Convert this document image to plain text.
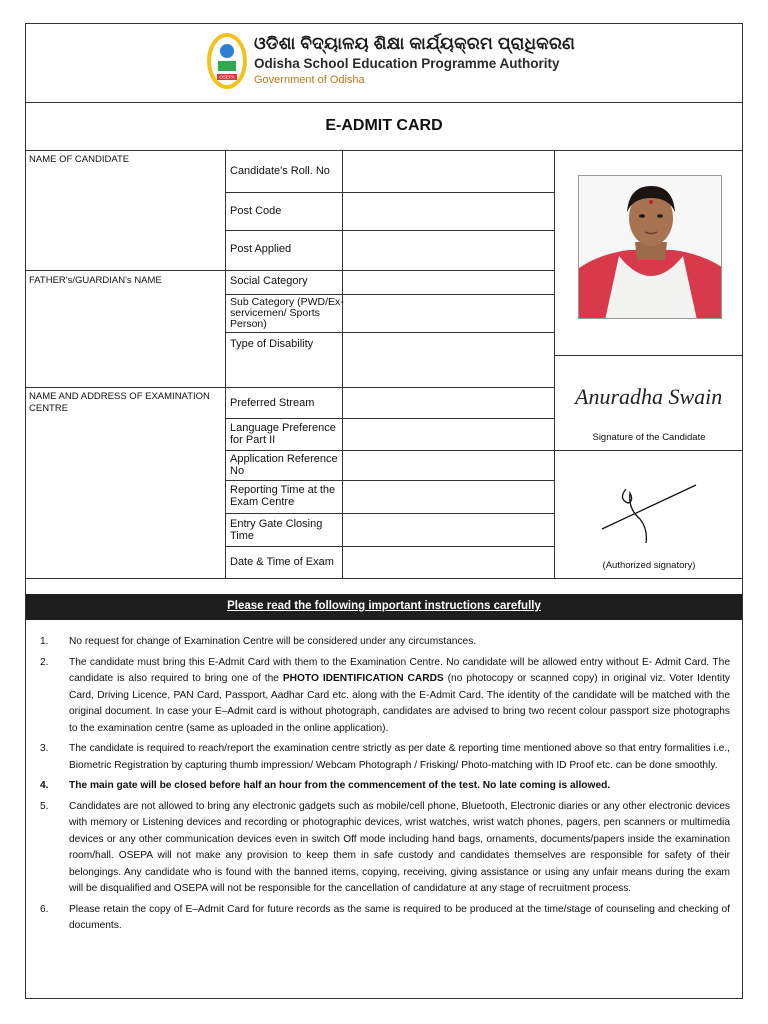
OSEPA
ଓଡିଶା ବିଦ୍ୟାଳୟ ଶିକ୍ଷା କାର୍ଯ୍ୟକ୍ରମ ପ୍ରାଧିକରଣ
Odisha School Education Programme Authority
Government of Odisha
E-ADMIT CARD
NAME OF CANDIDATE
FATHER's/GUARDIAN's NAME
NAME AND ADDRESS OF EXAMINATION CENTRE
Candidate's Roll. No
Post Code
Post Applied
Social Category
Sub Category (PWD/Ex-servicemen/ Sports Person)
Type of Disability
Preferred Stream
Language Preference for Part II
Application Reference No
Reporting Time at the Exam Centre
Entry Gate Closing Time
Date & Time of Exam
Anuradha Swain
Signature of the Candidate
(Authorized signatory)
Please read the following important instructions carefully
1. No request for change of Examination Centre will be considered under any circumstances.
2. The candidate must bring this E-Admit Card with them to the Examination Centre. No candidate will be allowed entry without E- Admit Card. The candidate is also required to bring one of the PHOTO IDENTIFICATION CARDS (no photocopy or scanned copy) in original viz. Voter Identity Card, Driving Licence, PAN Card, Passport, Aadhar Card etc. along with the E-Admit Card. The identity of the candidate will be matched with the original document. In case your E–Admit card is without photograph, candidates are advised to bring two recent colour passport size photographs to the examination centre (same as uploaded in the online application).
3. The candidate is required to reach/report the examination centre strictly as per date & reporting time mentioned above so that entry formalities i.e., Biometric Registration by capturing thumb impression/ Webcam Photograph / Frisking/ Photo-matching with ID Proof etc. can be done smoothly.
4. The main gate will be closed before half an hour from the commencement of the test. No late coming is allowed.
5. Candidates are not allowed to bring any electronic gadgets such as mobile/cell phone, Bluetooth, Electronic diaries or any other electronic devices with memory or Listening devices and recording or photographic devices, wrist watches, wrist watch phones, pagers, pen scanners or multimedia devices or any other communication devices even in switch Off mode including hand bags, ornaments, documents/papers inside the examination room/hall. OSEPA will not make any provision to keep them in safe custody and candidates themselves are responsible for safety of their belongings. Any candidate who is found with the banned items, copying, receiving, giving assistance or using any unfair means during the exam will be disqualified and OSEPA will not be responsible for the cancellation of candidature at any stage of recruitment process.
6. Please retain the copy of E–Admit Card for future records as the same is required to be produced at the time/stage of counseling and checking of documents.
